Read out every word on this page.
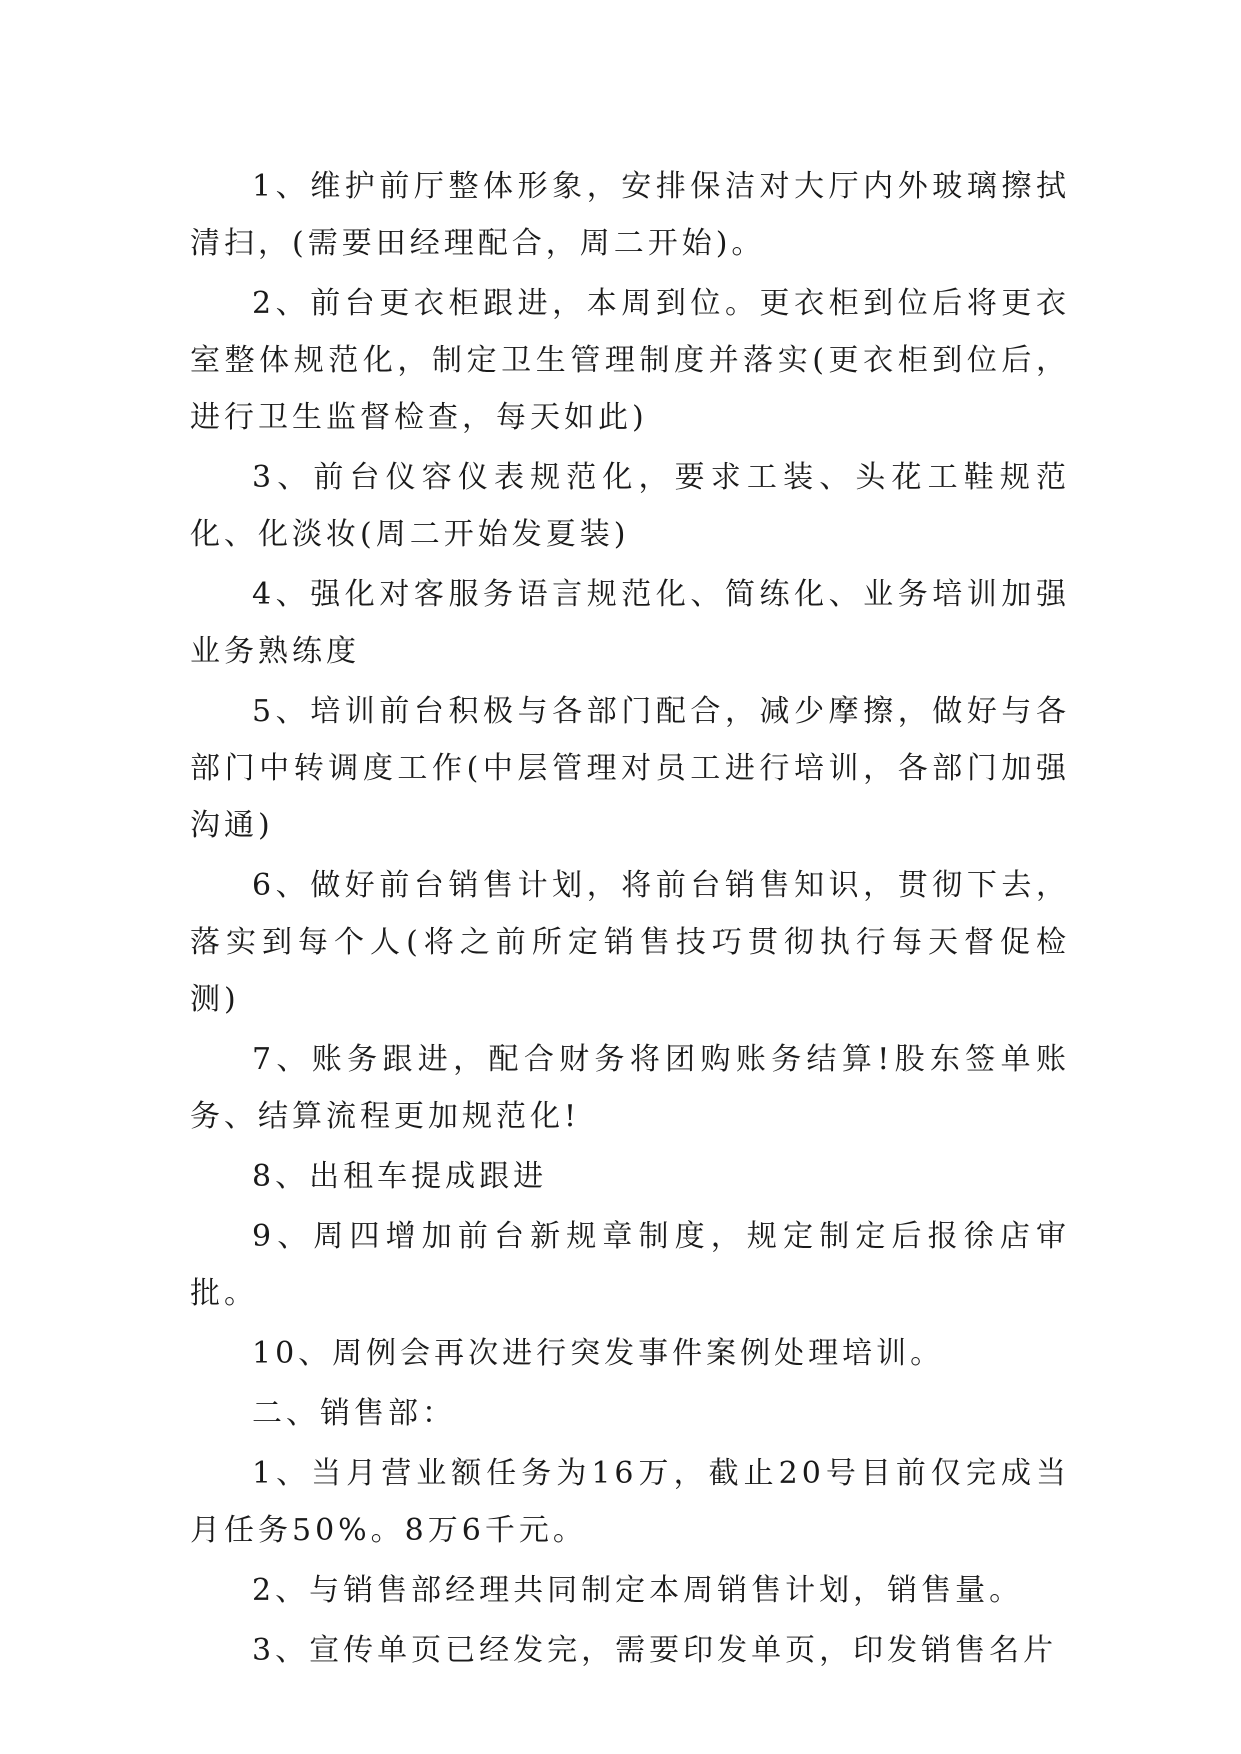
1、维护前厅整体形象，安排保洁对大厅内外玻璃擦拭清扫，(需要田经理配合，周二开始)。

2、前台更衣柜跟进，本周到位。更衣柜到位后将更衣室整体规范化，制定卫生管理制度并落实(更衣柜到位后，进行卫生监督检查，每天如此)

3、前台仪容仪表规范化，要求工装、头花工鞋规范化、化淡妆(周二开始发夏装)

4、强化对客服务语言规范化、简练化、业务培训加强业务熟练度

5、培训前台积极与各部门配合，减少摩擦，做好与各部门中转调度工作(中层管理对员工进行培训，各部门加强沟通)

6、做好前台销售计划，将前台销售知识，贯彻下去，落实到每个人(将之前所定销售技巧贯彻执行每天督促检测)

7、账务跟进，配合财务将团购账务结算!股东签单账务、结算流程更加规范化!

8、出租车提成跟进

9、周四增加前台新规章制度，规定制定后报徐店审批。

10、周例会再次进行突发事件案例处理培训。

二、销售部：

1、当月营业额任务为16万，截止20号目前仅完成当月任务50%。8万6千元。

2、与销售部经理共同制定本周销售计划，销售量。

3、宣传单页已经发完，需要印发单页，印发销售名片
